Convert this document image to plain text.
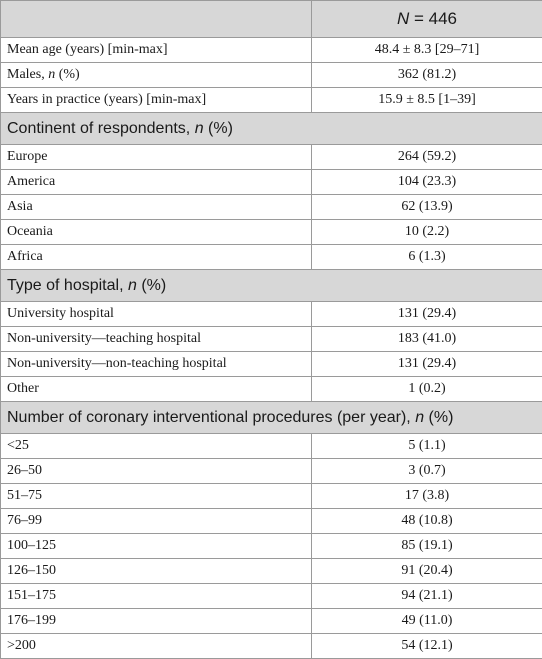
	N = 446
Mean age (years) [min-max]	48.4 ± 8.3 [29–71]
Males, n (%)	362 (81.2)
Years in practice (years) [min-max]	15.9 ± 8.5 [1–39]
Continent of respondents, n (%)	
Europe	264 (59.2)
America	104 (23.3)
Asia	62 (13.9)
Oceania	10 (2.2)
Africa	6 (1.3)
Type of hospital, n (%)	
University hospital	131 (29.4)
Non-university—teaching hospital	183 (41.0)
Non-university—non-teaching hospital	131 (29.4)
Other	1 (0.2)
Number of coronary interventional procedures (per year), n (%)	
<25	5 (1.1)
26–50	3 (0.7)
51–75	17 (3.8)
76–99	48 (10.8)
100–125	85 (19.1)
126–150	91 (20.4)
151–175	94 (21.1)
176–199	49 (11.0)
>200	54 (12.1)
